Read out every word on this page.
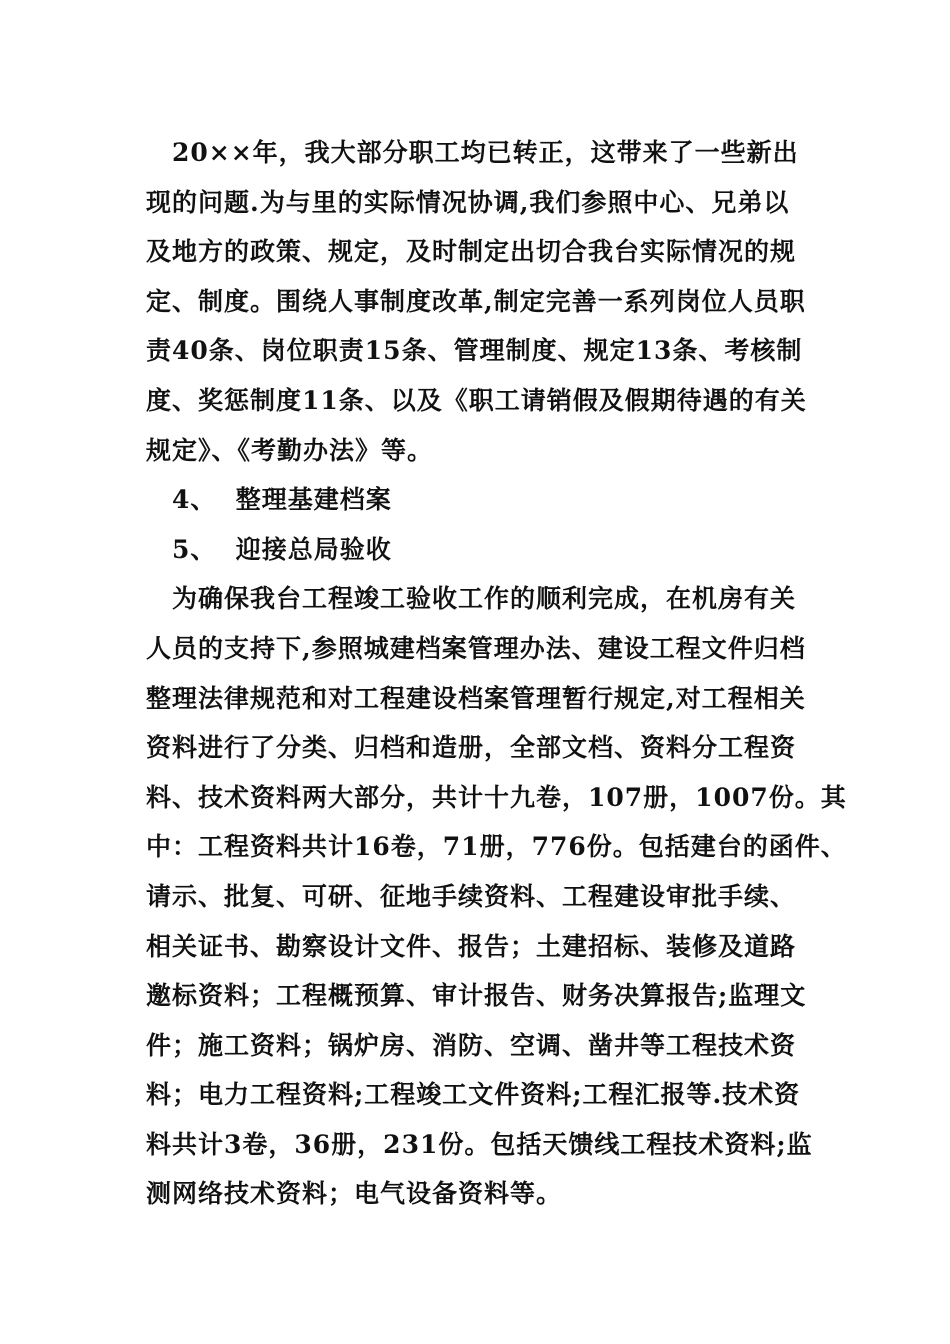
20××年，我大部分职工均已转正，这带来了一些新出
现的问题.为与里的实际情况协调,我们参照中心、兄弟以
及地方的政策、规定，及时制定出切合我台实际情况的规
定、制度。围绕人事制度改革,制定完善一系列岗位人员职
责40条、岗位职责15条、管理制度、规定13条、考核制
度、奖惩制度11条、以及《职工请销假及假期待遇的有关
规定》、《考勤办法》等。
4、  整理基建档案
5、  迎接总局验收
为确保我台工程竣工验收工作的顺利完成，在机房有关
人员的支持下,参照城建档案管理办法、建设工程文件归档
整理法律规范和对工程建设档案管理暂行规定,对工程相关
资料进行了分类、归档和造册，全部文档、资料分工程资
料、技术资料两大部分，共计十九卷，107册，1007份。其
中：工程资料共计16卷，71册，776份。包括建台的函件、
请示、批复、可研、征地手续资料、工程建设审批手续、
相关证书、勘察设计文件、报告；土建招标、装修及道路
邀标资料；工程概预算、审计报告、财务决算报告;监理文
件；施工资料；锅炉房、消防、空调、凿井等工程技术资
料；电力工程资料;工程竣工文件资料;工程汇报等.技术资
料共计3卷，36册，231份。包括天馈线工程技术资料;监
测网络技术资料；电气设备资料等。
